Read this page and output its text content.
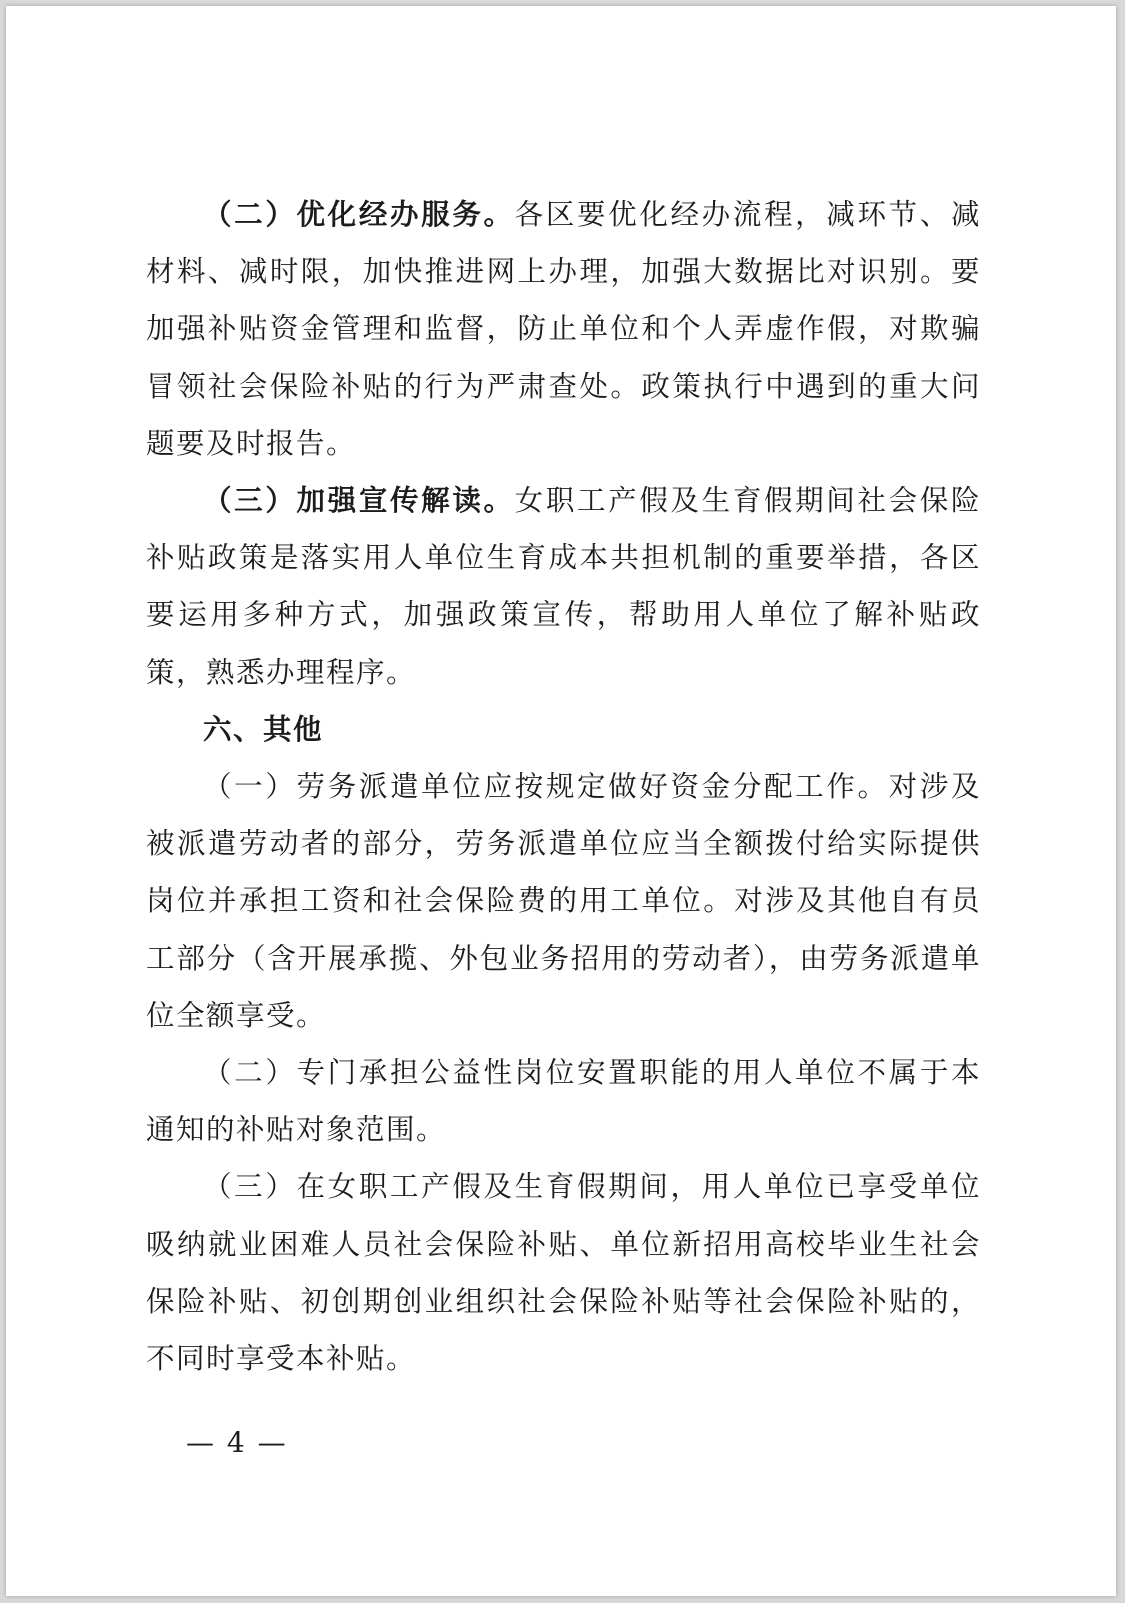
（二）优化经办服务。各区要优化经办流程，减环节、减材料、减时限，加快推进网上办理，加强大数据比对识别。要加强补贴资金管理和监督，防止单位和个人弄虚作假，对欺骗冒领社会保险补贴的行为严肃查处。政策执行中遇到的重大问题要及时报告。

（三）加强宣传解读。女职工产假及生育假期间社会保险补贴政策是落实用人单位生育成本共担机制的重要举措，各区要运用多种方式，加强政策宣传，帮助用人单位了解补贴政策，熟悉办理程序。

六、其他

（一）劳务派遣单位应按规定做好资金分配工作。对涉及被派遣劳动者的部分，劳务派遣单位应当全额拨付给实际提供岗位并承担工资和社会保险费的用工单位。对涉及其他自有员工部分（含开展承揽、外包业务招用的劳动者），由劳务派遣单位全额享受。

（二）专门承担公益性岗位安置职能的用人单位不属于本通知的补贴对象范围。

（三）在女职工产假及生育假期间，用人单位已享受单位吸纳就业困难人员社会保险补贴、单位新招用高校毕业生社会保险补贴、初创期创业组织社会保险补贴等社会保险补贴的，不同时享受本补贴。

— 4 —
